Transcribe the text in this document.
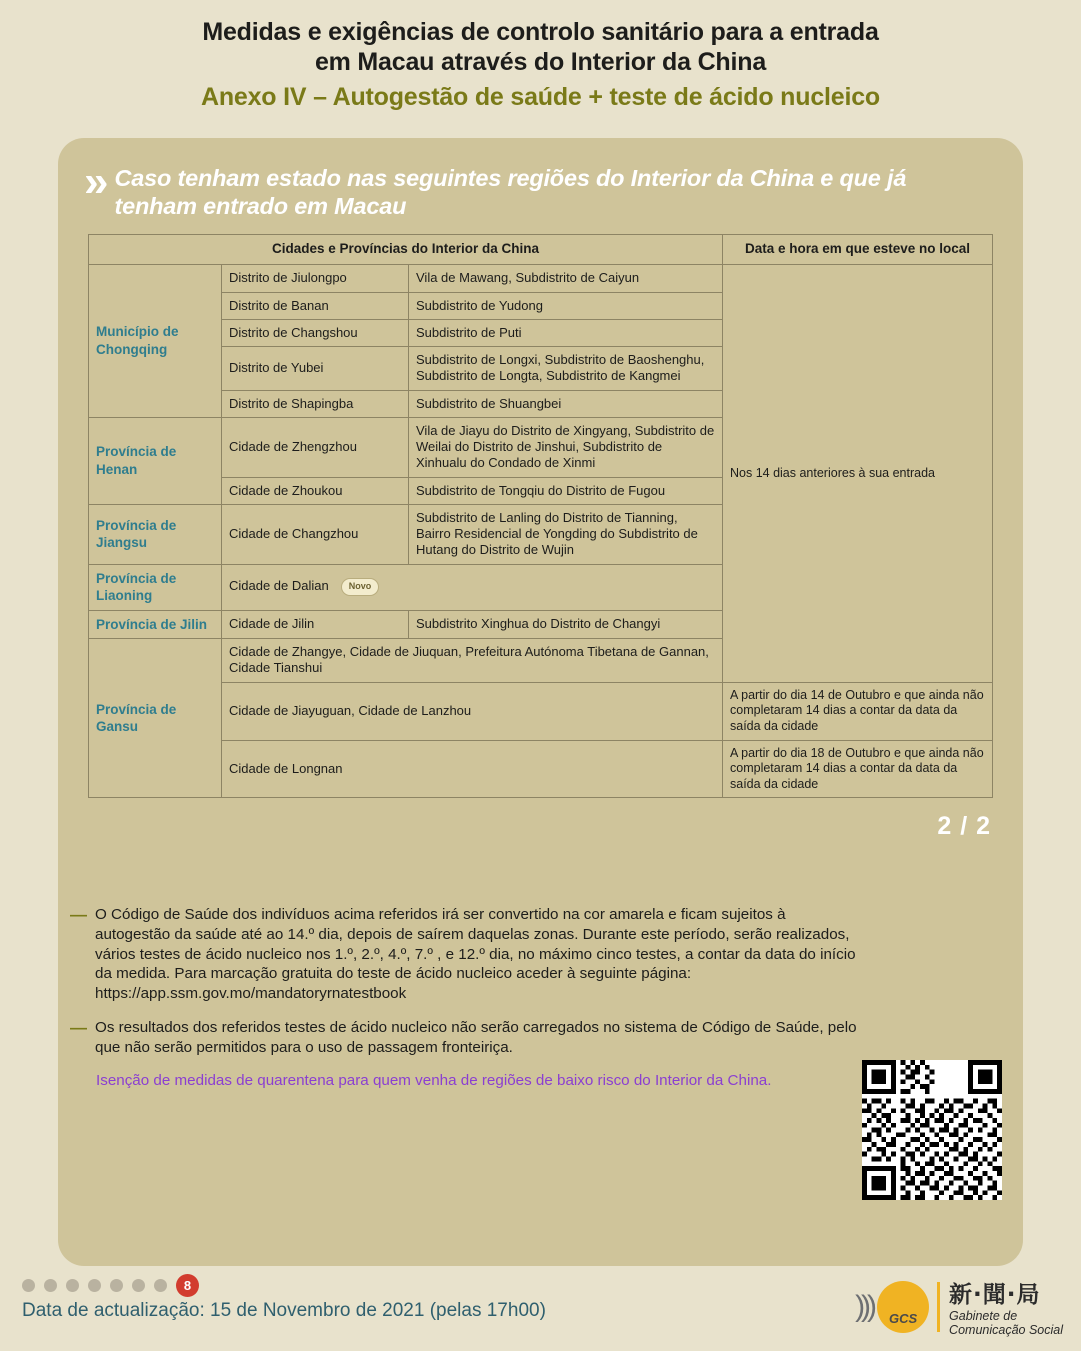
Medidas e exigências de controlo sanitário para a entrada
em Macau através do Interior da China
Anexo IV – Autogestão de saúde + teste de ácido nucleico
» Caso tenham estado nas seguintes regiões do Interior da China e que já tenham entrado em Macau
Cidades e Províncias do Interior da China			Data e hora em que esteve no local
Município de Chongqing	Distrito de Jiulongpo	Vila de Mawang, Subdistrito de Caiyun	Nos 14 dias anteriores à sua entrada
	Distrito de Banan	Subdistrito de Yudong	
	Distrito de Changshou	Subdistrito de Puti	
	Distrito de Yubei	Subdistrito de Longxi, Subdistrito de Baoshenghu, Subdistrito de Longta, Subdistrito de Kangmei	
	Distrito de Shapingba	Subdistrito de Shuangbei	
Província de Henan	Cidade de Zhengzhou	Vila de Jiayu do Distrito de Xingyang, Subdistrito de Weilai do Distrito de Jinshui, Subdistrito de Xinhualu do Condado de Xinmi	
	Cidade de Zhoukou	Subdistrito de Tongqiu do Distrito de Fugou	
Província de Jiangsu	Cidade de Changzhou	Subdistrito de Lanling do Distrito de Tianning, Bairro Residencial de Yongding do Subdistrito de Hutang do Distrito de Wujin	
Província de Liaoning	Cidade de Dalian Novo		
Província de Jilin	Cidade de Jilin	Subdistrito Xinghua do Distrito de Changyi	
Província de Gansu	Cidade de Zhangye, Cidade de Jiuquan, Prefeitura Autónoma Tibetana de Gannan, Cidade Tianshui		
	Cidade de Jiayuguan, Cidade de Lanzhou		A partir do dia 14 de Outubro e que ainda não completaram 14 dias a contar da data da saída da cidade
	Cidade de Longnan		A partir do dia 18 de Outubro e que ainda não completaram 14 dias a contar da data da saída da cidade
2 / 2
— O Código de Saúde dos indivíduos acima referidos irá ser convertido na cor amarela e ficam sujeitos à autogestão da saúde até ao 14.º dia, depois de saírem daquelas zonas. Durante este período, serão realizados, vários testes de ácido nucleico nos 1.º, 2.º, 4.º, 7.º , e 12.º dia, no máximo cinco testes, a contar da data do início da medida. Para marcação gratuita do teste de ácido nucleico aceder à seguinte página: https://app.ssm.gov.mo/mandatoryrnatestbook

— Os resultados dos referidos testes de ácido nucleico não serão carregados no sistema de Código de Saúde, pelo que não serão permitidos para o uso de passagem fronteiriça.

Isenção de medidas de quarentena para quem venha de regiões de baixo risco do Interior da China.
8
Data de actualização: 15 de Novembro de 2021 (pelas 17h00)	)))	GCS
新·聞·局
Gabinete de
Comunicação Social
